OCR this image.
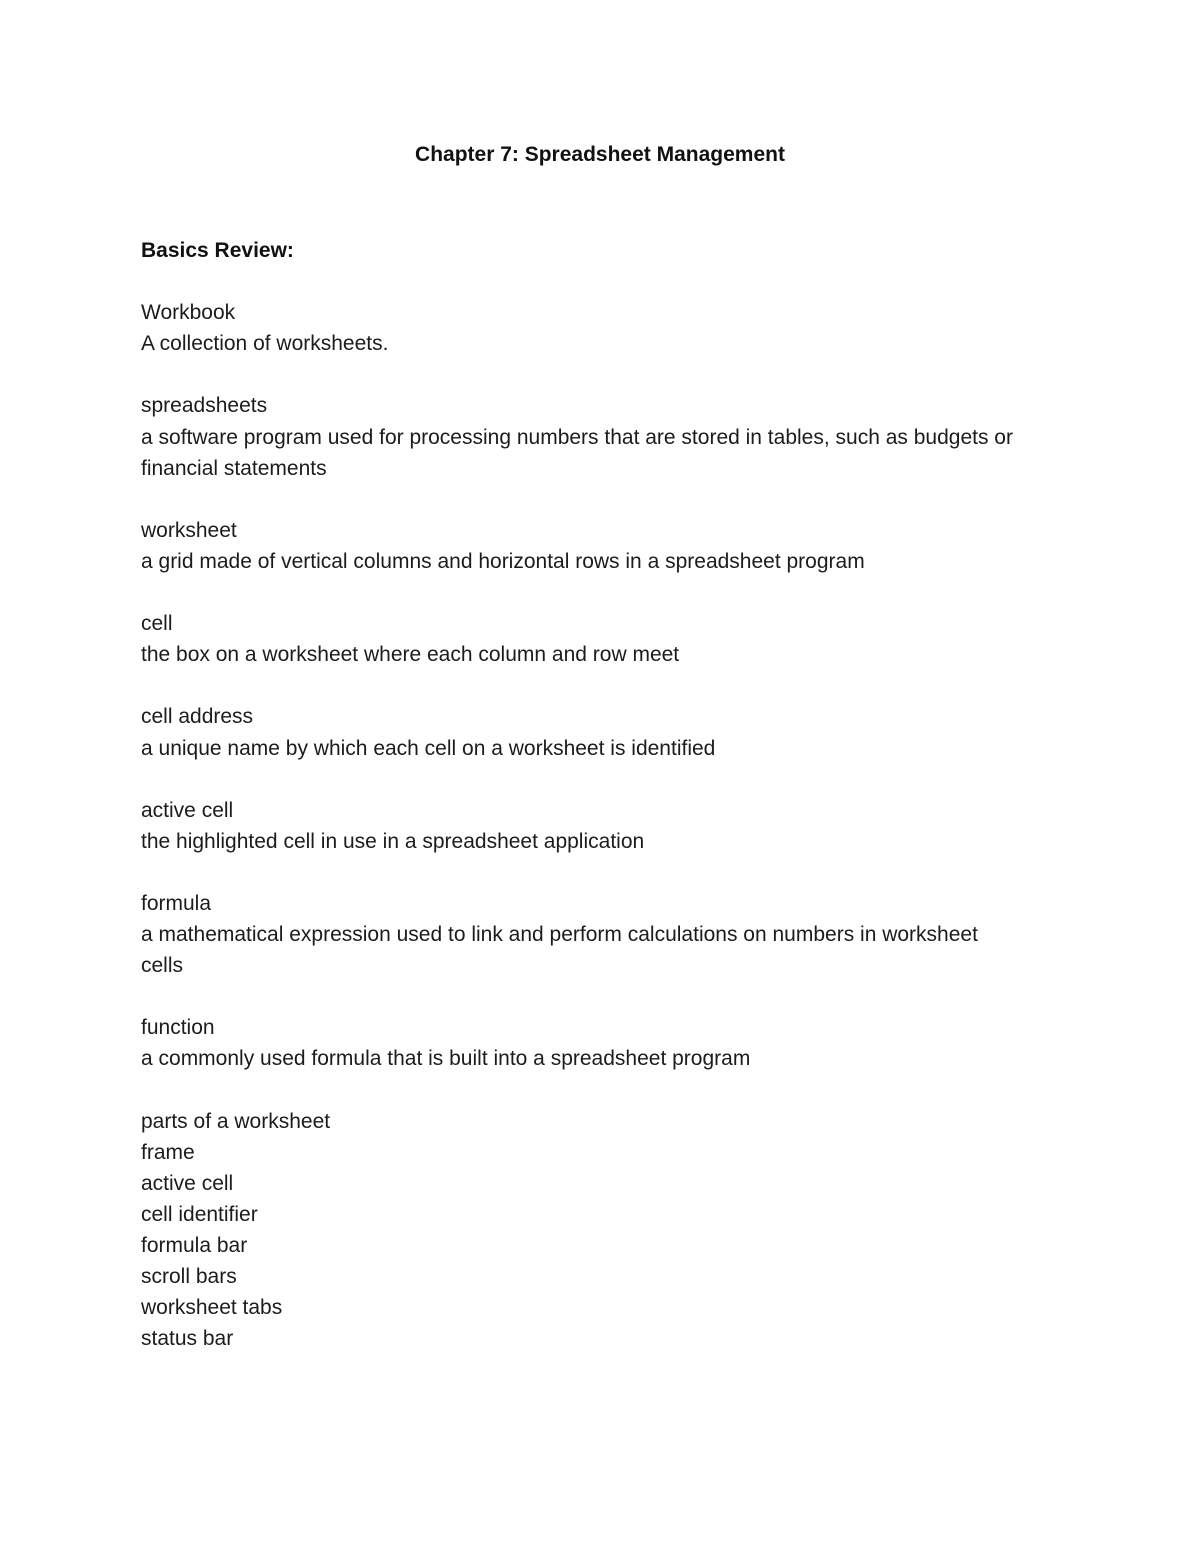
Chapter 7: Spreadsheet Management
Basics Review:
Workbook
A collection of worksheets.
spreadsheets
a software program used for processing numbers that are stored in tables, such as budgets or financial statements
worksheet
a grid made of vertical columns and horizontal rows in a spreadsheet program
cell
the box on a worksheet where each column and row meet
cell address
a unique name by which each cell on a worksheet is identified
active cell
the highlighted cell in use in a spreadsheet application
formula
a mathematical expression used to link and perform calculations on numbers in worksheet cells
function
a commonly used formula that is built into a spreadsheet program
parts of a worksheet
frame
active cell
cell identifier
formula bar
scroll bars
worksheet tabs
status bar
